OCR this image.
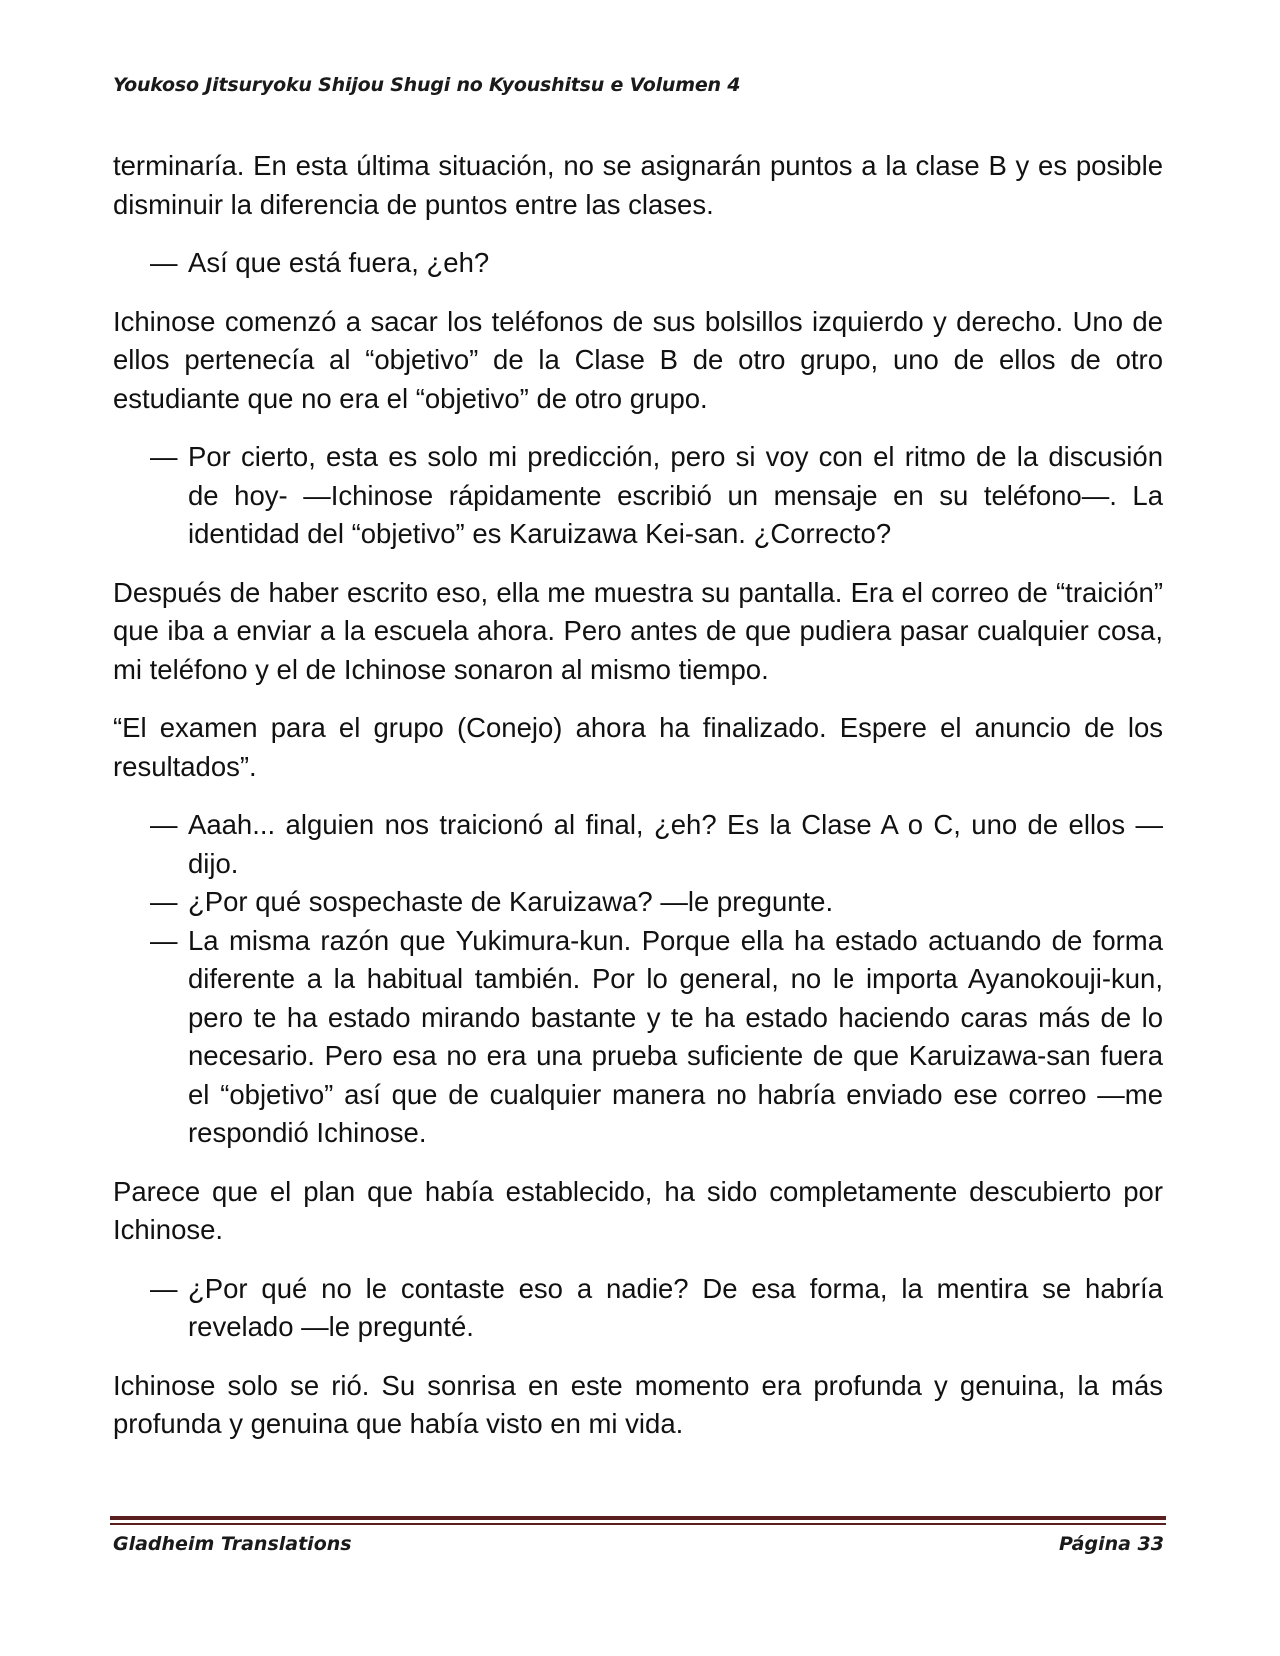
Youkoso Jitsuryoku Shijou Shugi no Kyoushitsu e Volumen 4

terminaría. En esta última situación, no se asignarán puntos a la clase B y es posible disminuir la diferencia de puntos entre las clases.

— Así que está fuera, ¿eh?

Ichinose comenzó a sacar los teléfonos de sus bolsillos izquierdo y derecho. Uno de ellos pertenecía al “objetivo” de la Clase B de otro grupo, uno de ellos de otro estudiante que no era el “objetivo” de otro grupo.

— Por cierto, esta es solo mi predicción, pero si voy con el ritmo de la discusión de hoy- —Ichinose rápidamente escribió un mensaje en su teléfono—. La identidad del “objetivo” es Karuizawa Kei-san. ¿Correcto?

Después de haber escrito eso, ella me muestra su pantalla. Era el correo de “traición” que iba a enviar a la escuela ahora. Pero antes de que pudiera pasar cualquier cosa, mi teléfono y el de Ichinose sonaron al mismo tiempo.

“El examen para el grupo (Conejo) ahora ha finalizado. Espere el anuncio de los resultados”.

— Aaah... alguien nos traicionó al final, ¿eh? Es la Clase A o C, uno de ellos —dijo.
— ¿Por qué sospechaste de Karuizawa? —le pregunte.
— La misma razón que Yukimura-kun. Porque ella ha estado actuando de forma diferente a la habitual también. Por lo general, no le importa Ayanokouji-kun, pero te ha estado mirando bastante y te ha estado haciendo caras más de lo necesario. Pero esa no era una prueba suficiente de que Karuizawa-san fuera el “objetivo” así que de cualquier manera no habría enviado ese correo —me respondió Ichinose.

Parece que el plan que había establecido, ha sido completamente descubierto por Ichinose.

— ¿Por qué no le contaste eso a nadie? De esa forma, la mentira se habría revelado —le pregunté.

Ichinose solo se rió. Su sonrisa en este momento era profunda y genuina, la más profunda y genuina que había visto en mi vida.

Gladheim Translations	Página 33
